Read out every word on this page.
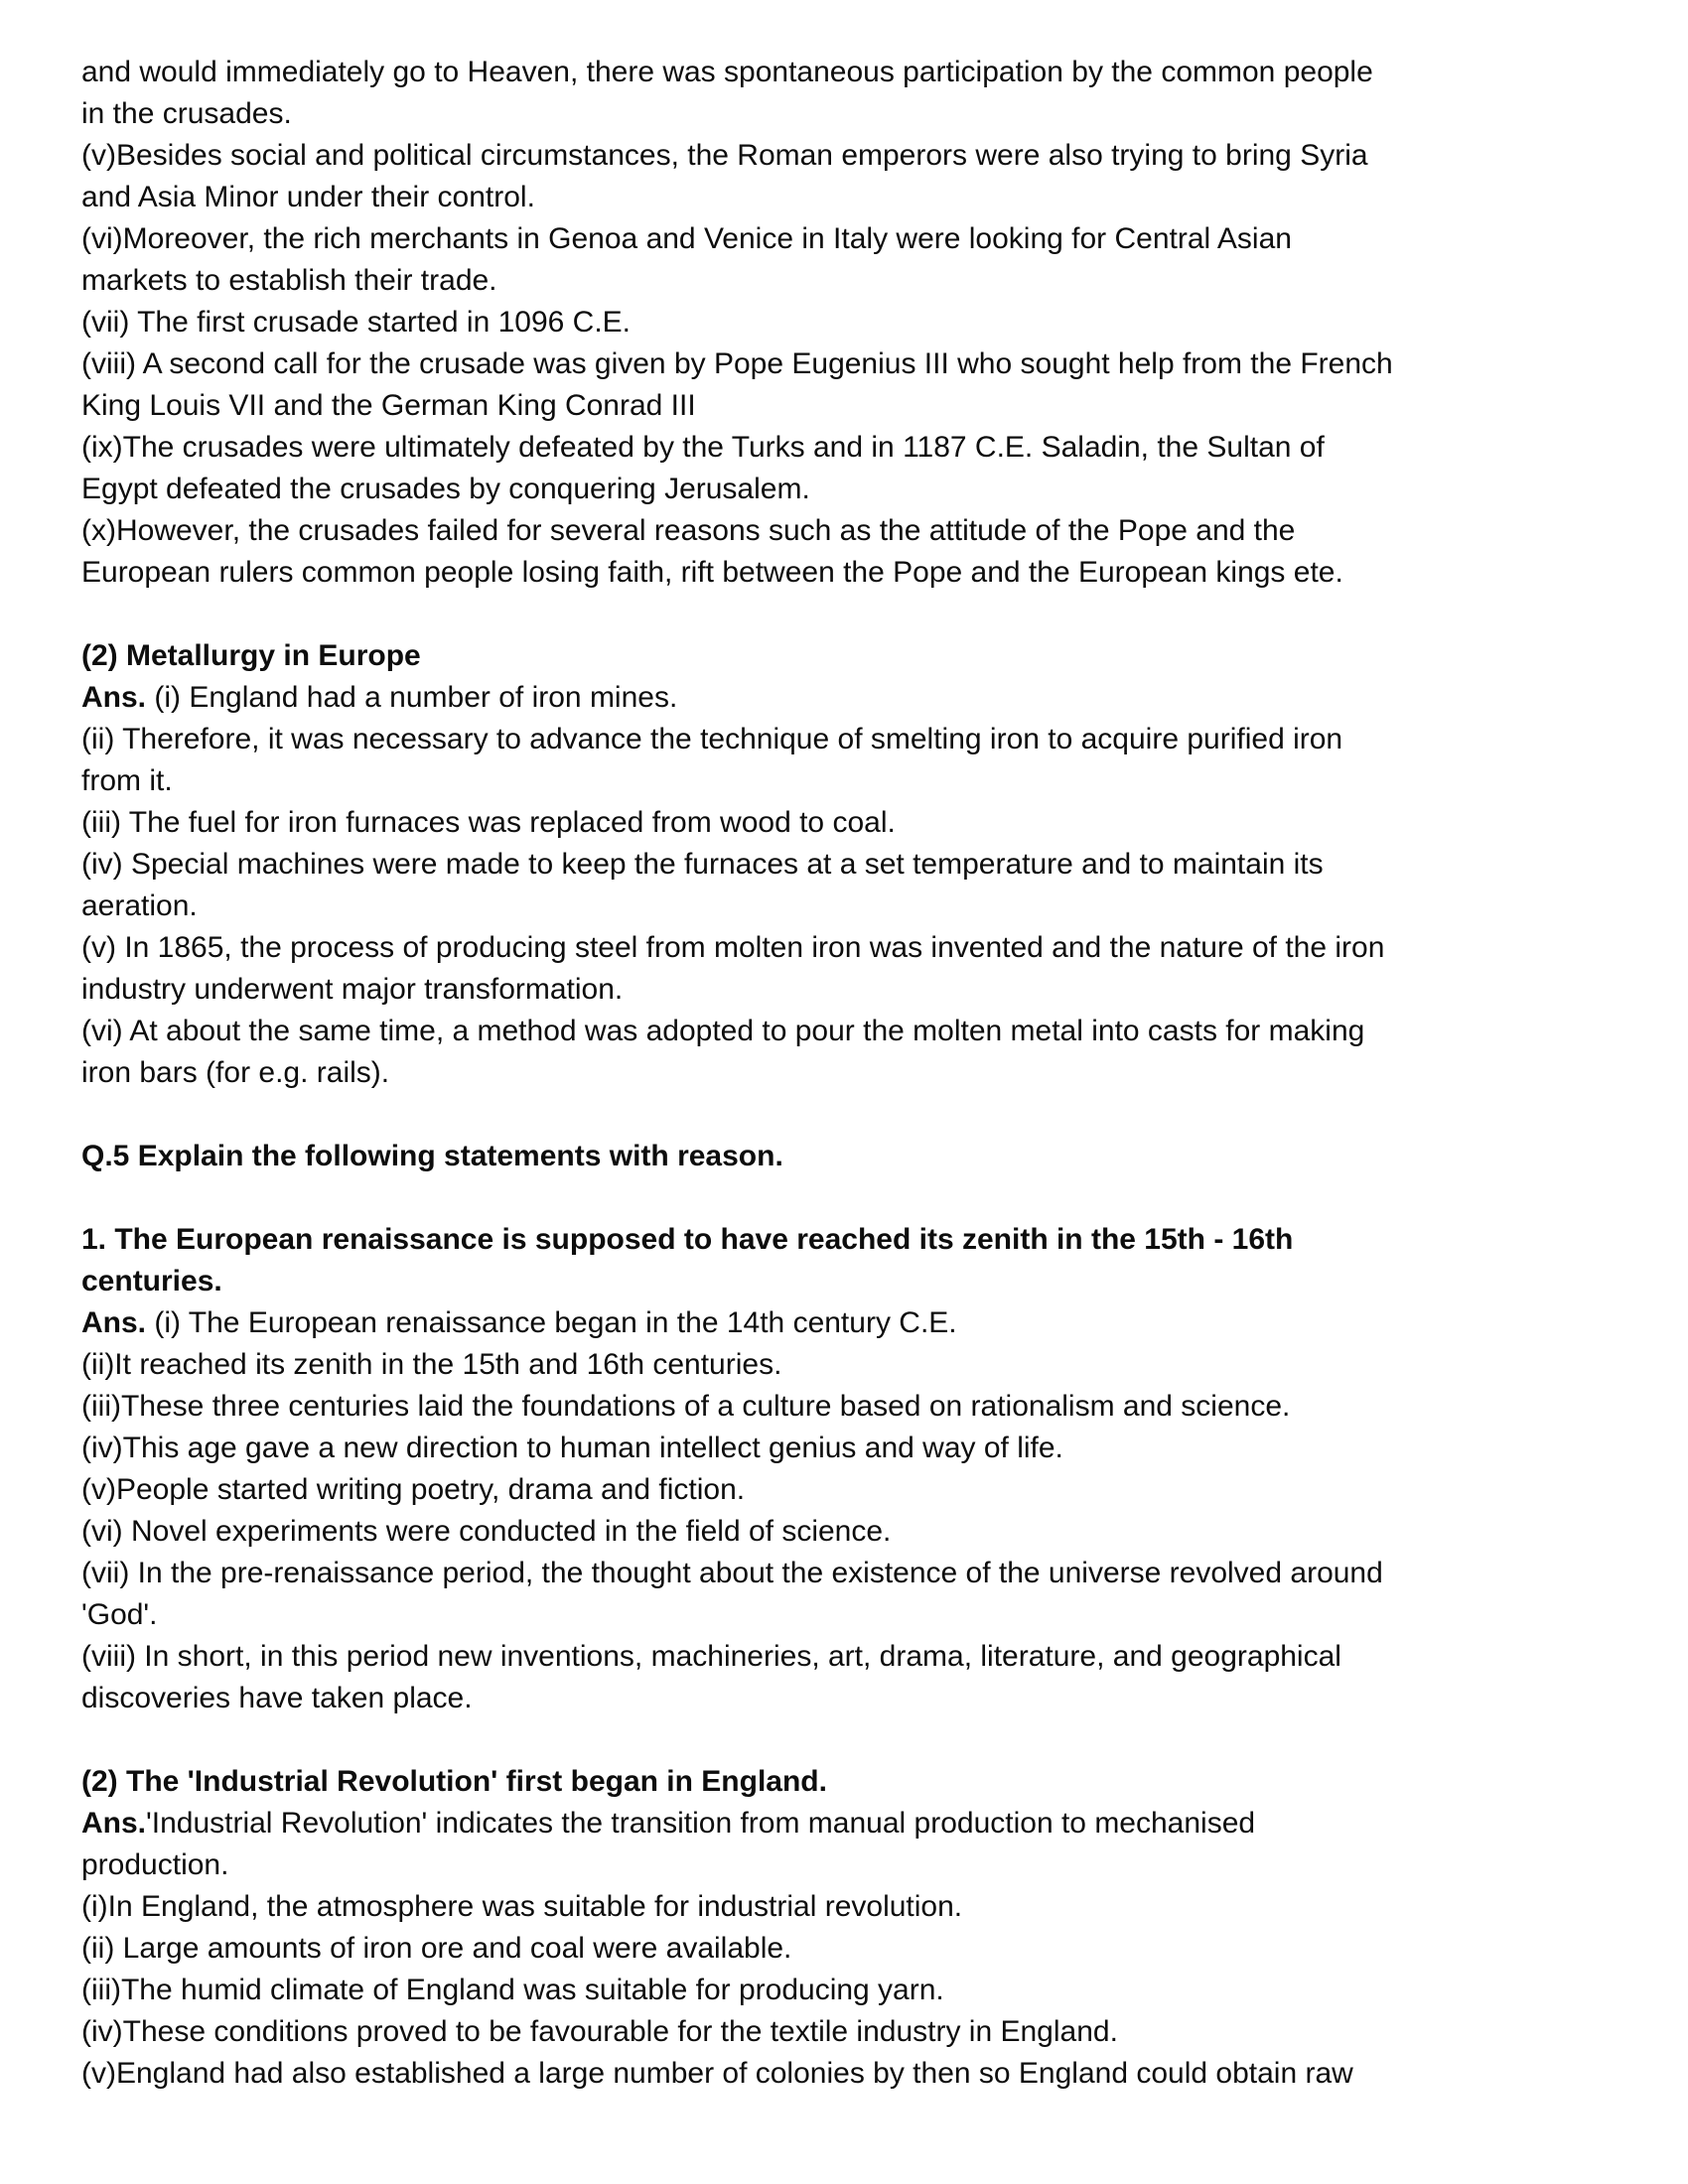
and would immediately go to Heaven, there was spontaneous participation by the common people
in the crusades.

(v)Besides social and political circumstances, the Roman emperors were also trying to bring Syria
and Asia Minor under their control.

(vi)Moreover, the rich merchants in Genoa and Venice in Italy were looking for Central Asian
markets to establish their trade.

(vii) The first crusade started in 1096 C.E.

(viii) A second call for the crusade was given by Pope Eugenius III who sought help from the French
King Louis VII and the German King Conrad III

(ix)The crusades were ultimately defeated by the Turks and in 1187 C.E. Saladin, the Sultan of
Egypt defeated the crusades by conquering Jerusalem.

(x)However, the crusades failed for several reasons such as the attitude of the Pope and the
European rulers common people losing faith, rift between the Pope and the European kings ete.

(2) Metallurgy in Europe

Ans. (i) England had a number of iron mines.

(ii) Therefore, it was necessary to advance the technique of smelting iron to acquire purified iron
from it.

(iii) The fuel for iron furnaces was replaced from wood to coal.

(iv) Special machines were made to keep the furnaces at a set temperature and to maintain its
aeration.

(v) In 1865, the process of producing steel from molten iron was invented and the nature of the iron
industry underwent major transformation.

(vi) At about the same time, a method was adopted to pour the molten metal into casts for making
iron bars (for e.g. rails).

Q.5 Explain the following statements with reason.

1. The European renaissance is supposed to have reached its zenith in the 15th - 16th
centuries.

Ans. (i) The European renaissance began in the 14th century C.E.

(ii)It reached its zenith in the 15th and 16th centuries.

(iii)These three centuries laid the foundations of a culture based on rationalism and science.

(iv)This age gave a new direction to human intellect genius and way of life.

(v)People started writing poetry, drama and fiction.

(vi) Novel experiments were conducted in the field of science.

(vii) In the pre-renaissance period, the thought about the existence of the universe revolved around
'God'.

(viii) In short, in this period new inventions, machineries, art, drama, literature, and geographical
discoveries have taken place.

(2) The 'Industrial Revolution' first began in England.

Ans.'Industrial Revolution' indicates the transition from manual production to mechanised
production.

(i)In England, the atmosphere was suitable for industrial revolution.

(ii) Large amounts of iron ore and coal were available.

(iii)The humid climate of England was suitable for producing yarn.

(iv)These conditions proved to be favourable for the textile industry in England.

(v)England had also established a large number of colonies by then so England could obtain raw
